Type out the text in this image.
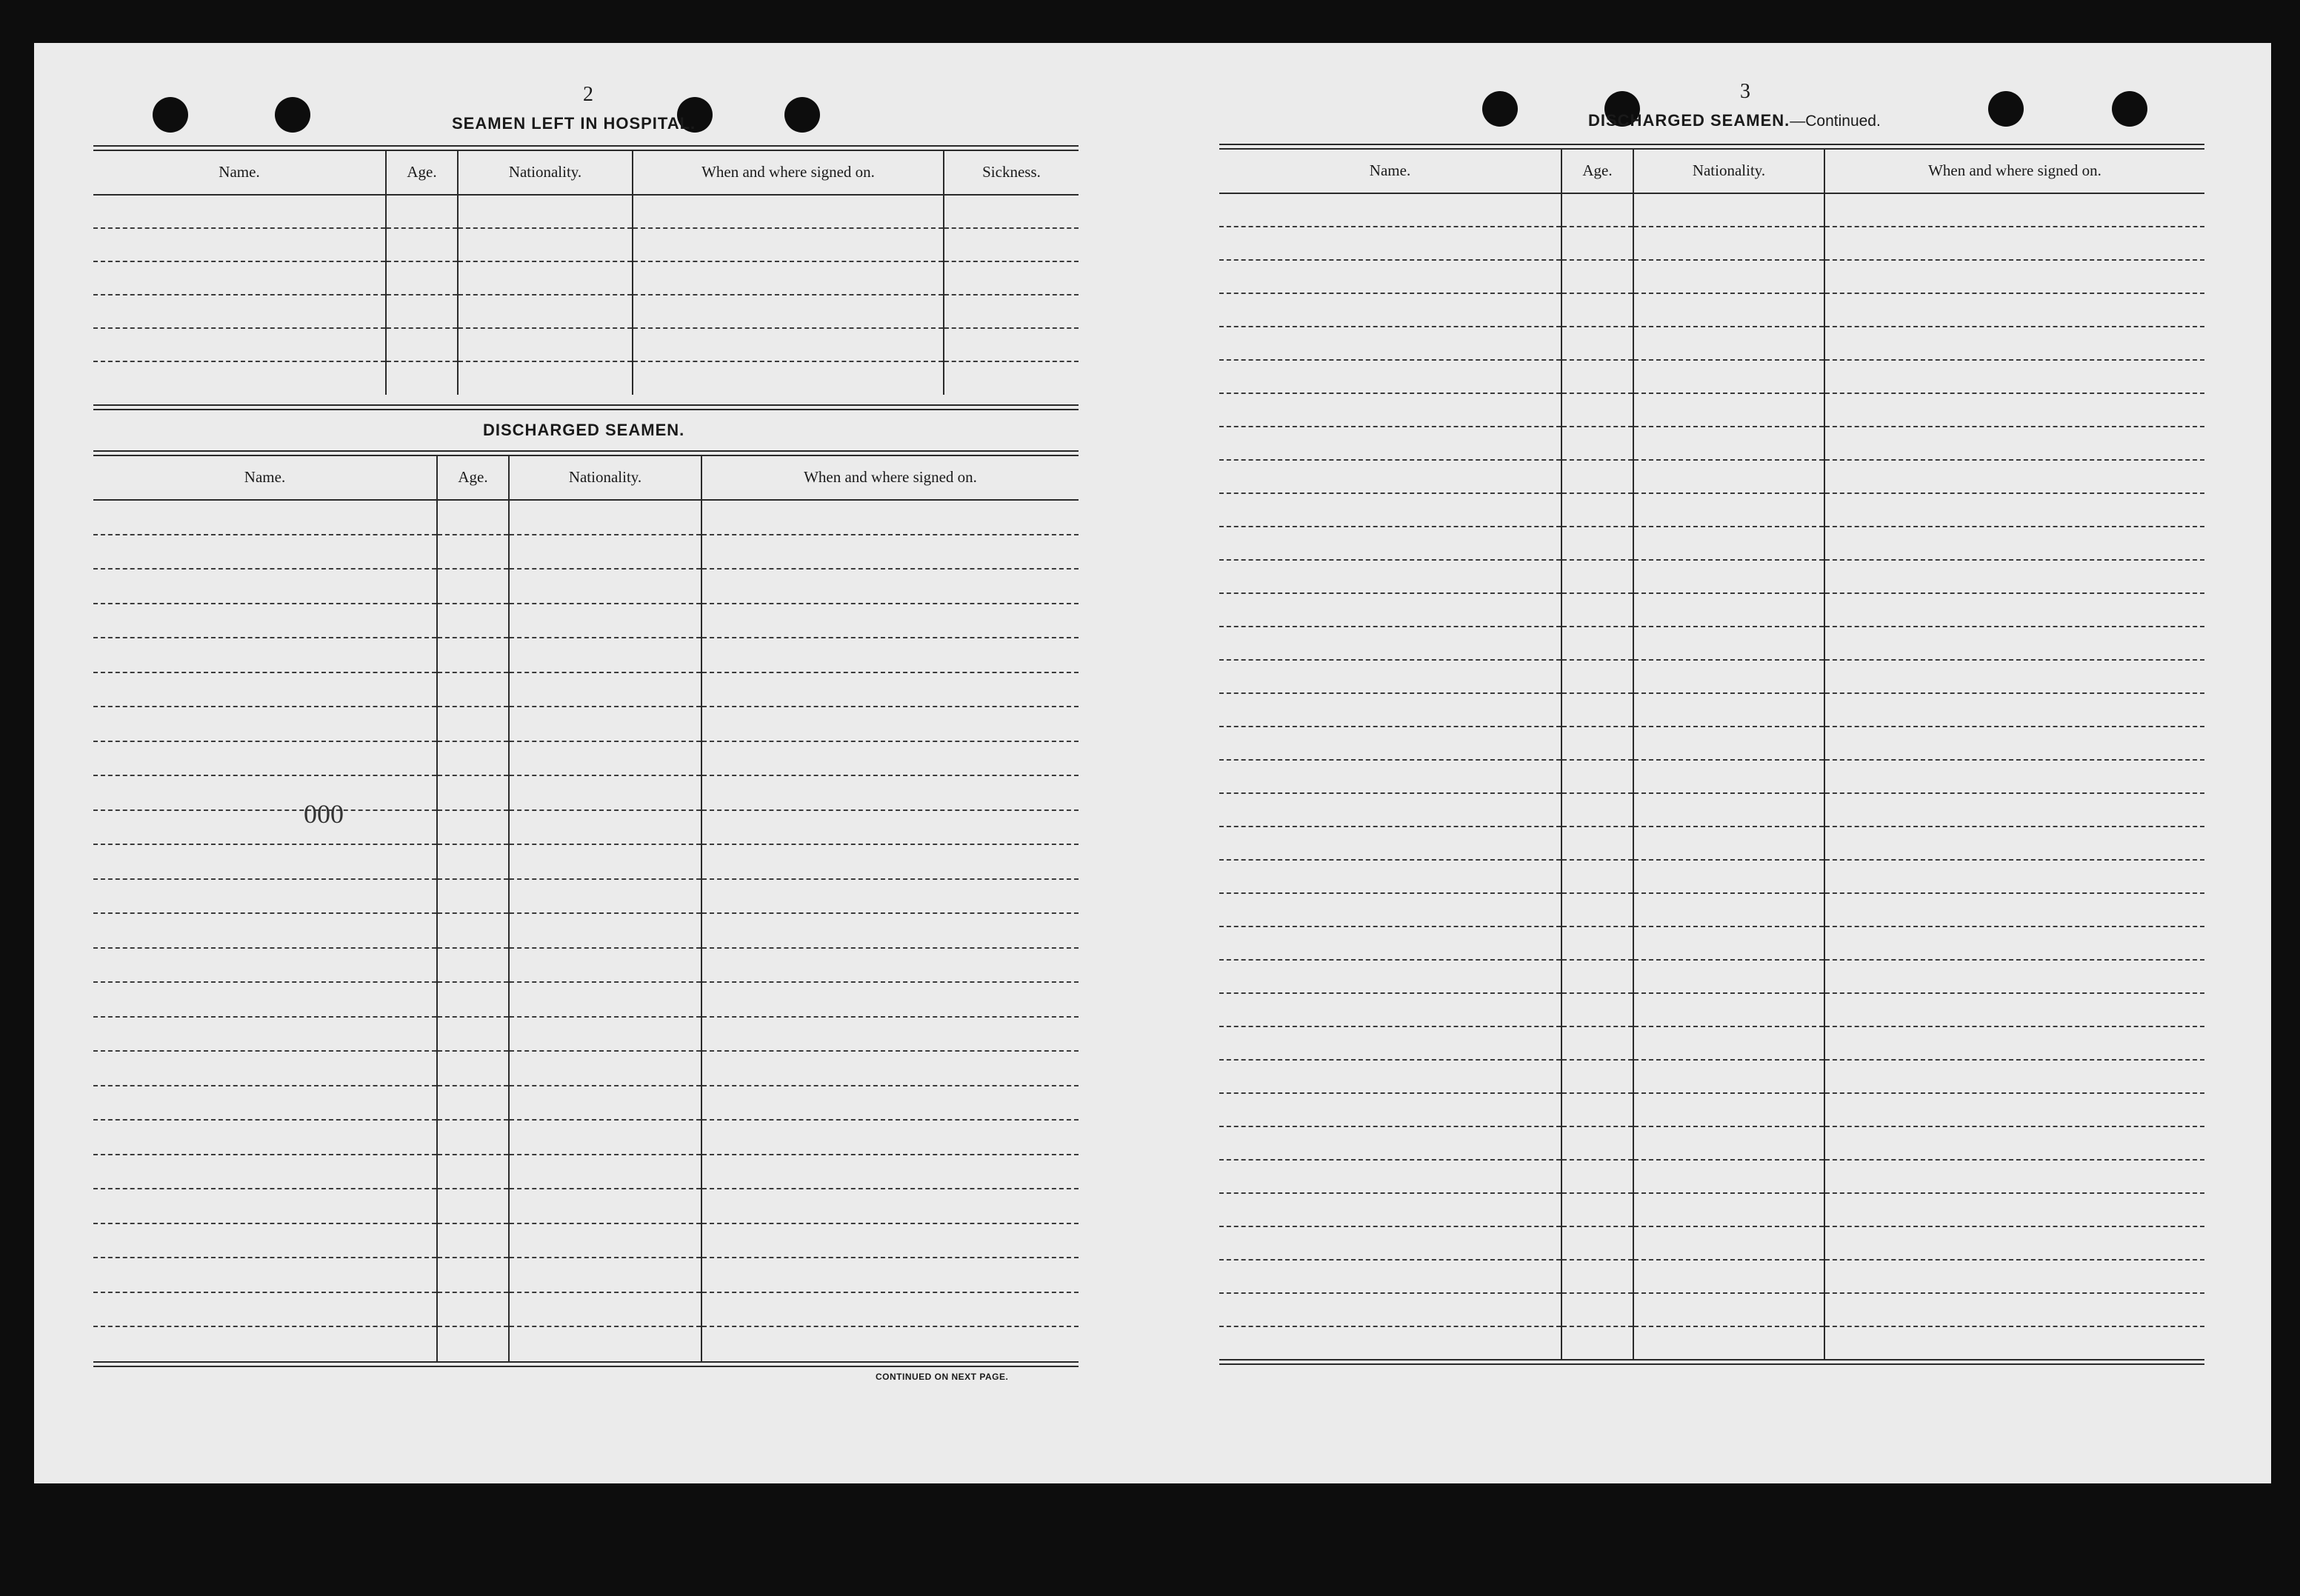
2
SEAMEN LEFT IN HOSPITAL.
Name.	Age.	Nationality.	When and where signed on.	Sickness.

DISCHARGED SEAMEN.
Name.	Age.	Nationality.	When and where signed on.

CONTINUED ON NEXT PAGE.
000
3
DISCHARGED SEAMEN.—Continued.
Name.	Age.	Nationality.	When and where signed on.
